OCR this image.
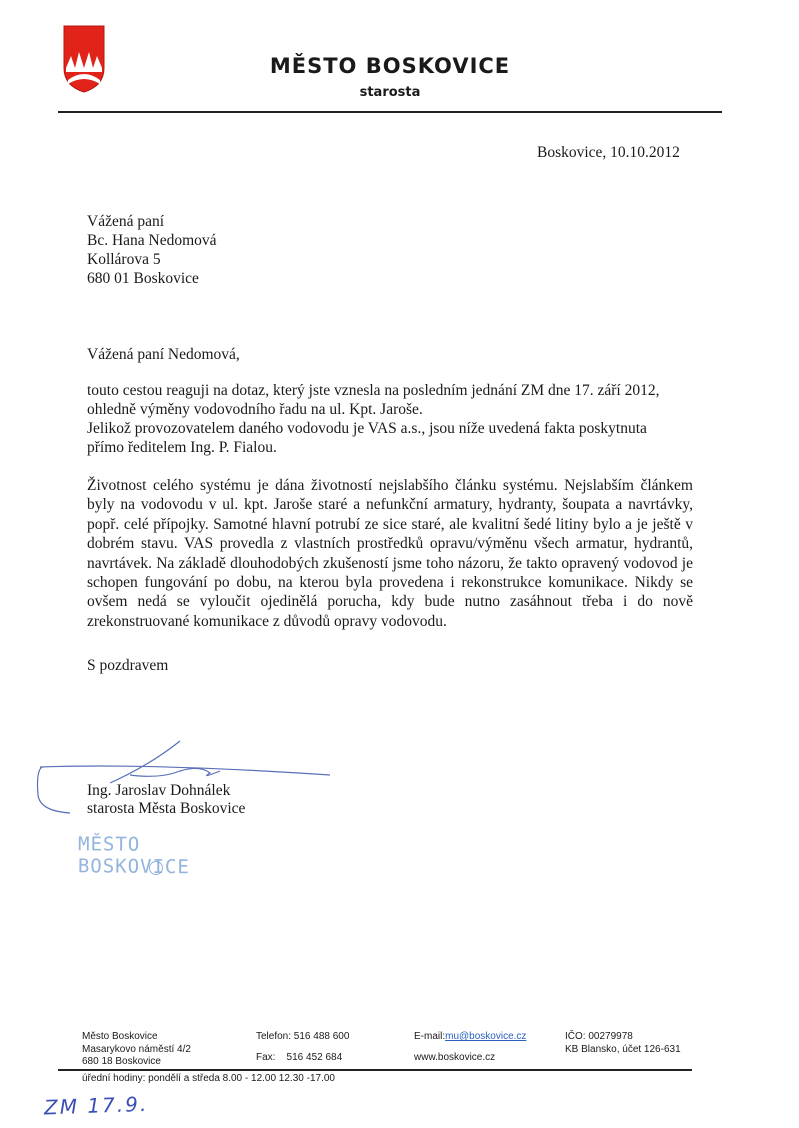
MĚSTO BOSKOVICE
starosta
Boskovice, 10.10.2012
Vážená paní
Bc. Hana Nedomová
Kollárova 5
680 01 Boskovice
Vážená paní Nedomová,
touto cestou reaguji na dotaz, který jste vznesla na posledním jednání ZM dne 17. září 2012,
ohledně výměny vodovodního řadu na ul. Kpt. Jaroše.
Jelikož provozovatelem daného vodovodu je VAS a.s., jsou níže uvedená fakta poskytnuta
přímo ředitelem Ing. P. Fialou.

Životnost celého systému je dána životností nejslabšího článku systému. Nejslabším článkem byly na vodovodu v ul. kpt. Jaroše staré a nefunkční armatury, hydranty, šoupata a navrtávky, popř. celé přípojky. Samotné hlavní potrubí ze sice staré, ale kvalitní šedé litiny bylo a je ještě v dobrém stavu. VAS provedla z vlastních prostředků opravu/výměnu všech armatur, hydrantů, navrtávek. Na základě dlouhodobých zkušeností jsme toho názoru, že takto opravený vodovod je schopen fungování po dobu, na kterou byla provedena i rekonstrukce komunikace. Nikdy se ovšem nedá se vyloučit ojedinělá porucha, kdy bude nutno zasáhnout třeba i do nově zrekonstruované komunikace z důvodů opravy vodovodu.

S pozdravem
Ing. Jaroslav Dohnálek
starosta Města Boskovice
MĚSTO BOSKOVICE
Město Boskovice
Masarykovo náměstí 4/2
680 18 Boskovice
Telefon: 516 488 600
Fax:    516 452 684
E-mail:mu@boskovice.cz
www.boskovice.cz
IČO: 00279978
KB Blansko, účet 126-631
úřední hodiny: pondělí a středa 8.00 - 12.00 12.30 -17.00
ZM 17.9.
